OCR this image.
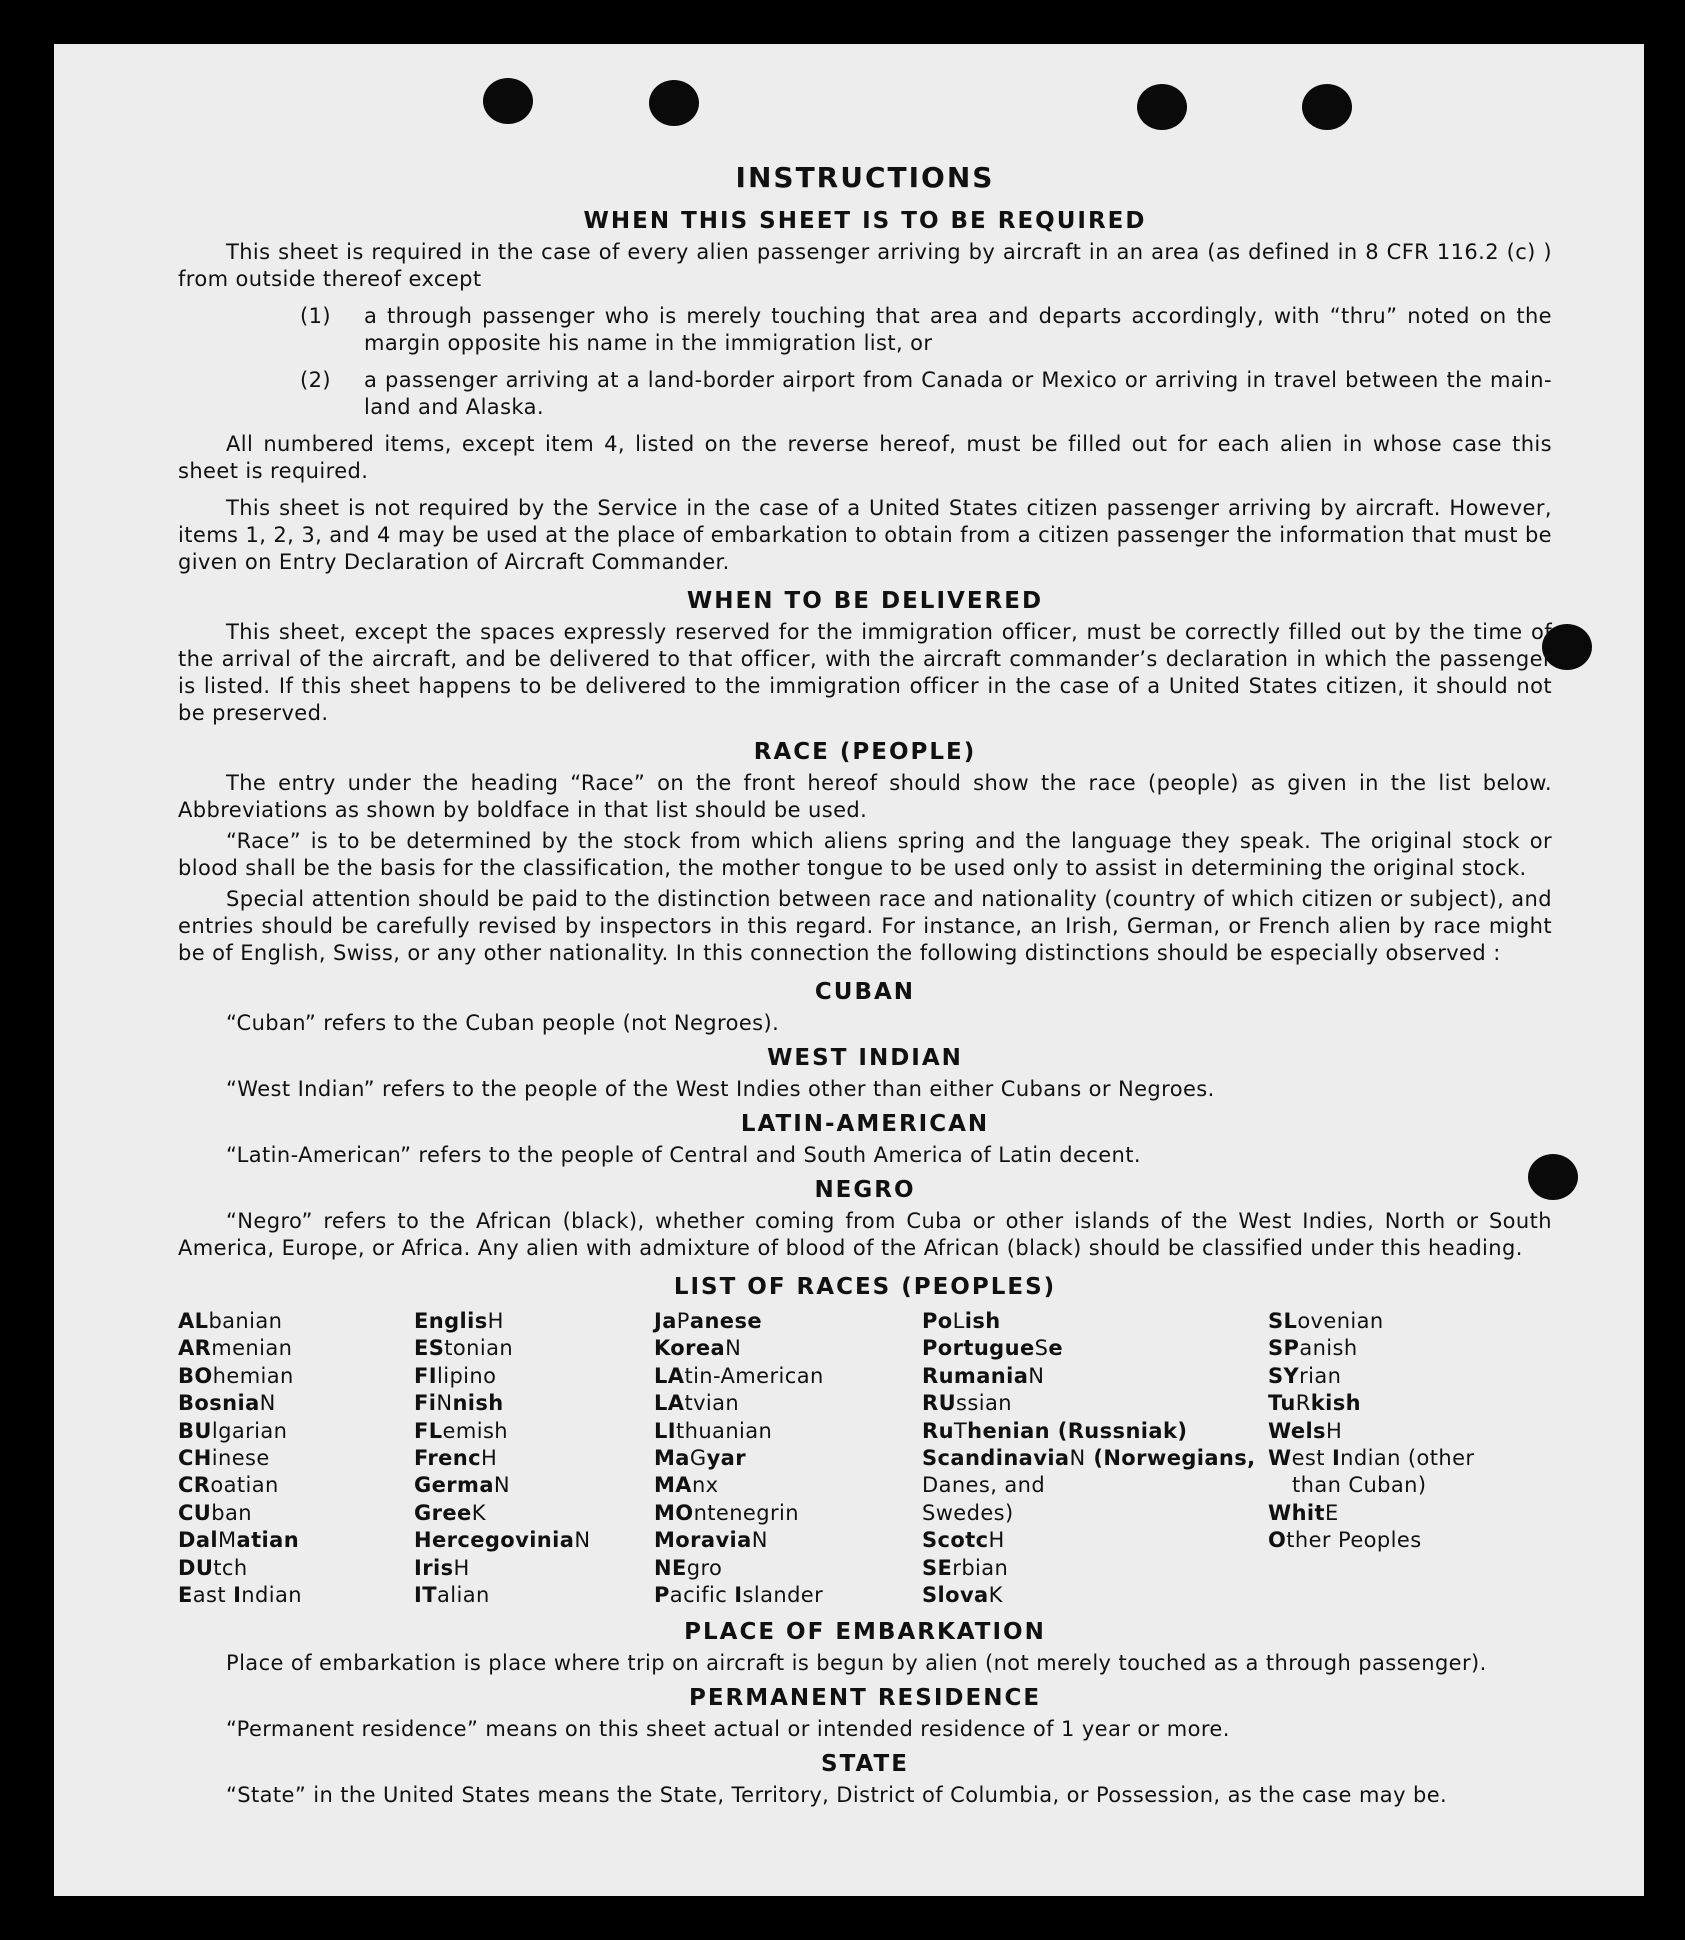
INSTRUCTIONS
WHEN THIS SHEET IS TO BE REQUIRED
This sheet is required in the case of every alien passenger arriving by aircraft in an area (as defined in 8 CFR 116.2 (c) ) from outside thereof except
(1)	a through passenger who is merely touching that area and departs accordingly, with “thru” noted on the margin opposite his name in the immigration list, or
(2)	a passenger arriving at a land-border airport from Canada or Mexico or arriving in travel between the main-land and Alaska.
All numbered items, except item 4, listed on the reverse hereof, must be filled out for each alien in whose case this sheet is required.
This sheet is not required by the Service in the case of a United States citizen passenger arriving by aircraft. However, items 1, 2, 3, and 4 may be used at the place of embarkation to obtain from a citizen passenger the information that must be given on Entry Declaration of Aircraft Commander.
WHEN TO BE DELIVERED
This sheet, except the spaces expressly reserved for the immigration officer, must be correctly filled out by the time of the arrival of the aircraft, and be delivered to that officer, with the aircraft commander’s declaration in which the passenger is listed. If this sheet happens to be delivered to the immigration officer in the case of a United States citizen, it should not be preserved.
RACE (PEOPLE)
The entry under the heading “Race” on the front hereof should show the race (people) as given in the list below. Abbreviations as shown by boldface in that list should be used.
“Race” is to be determined by the stock from which aliens spring and the language they speak. The original stock or blood shall be the basis for the classification, the mother tongue to be used only to assist in determining the original stock.
Special attention should be paid to the distinction between race and nationality (country of which citizen or subject), and entries should be carefully revised by inspectors in this regard. For instance, an Irish, German, or French alien by race might be of English, Swiss, or any other nationality. In this connection the following distinctions should be especially observed :
CUBAN
“Cuban” refers to the Cuban people (not Negroes).
WEST INDIAN
“West Indian” refers to the people of the West Indies other than either Cubans or Negroes.
LATIN-AMERICAN
“Latin-American” refers to the people of Central and South America of Latin decent.
NEGRO
“Negro” refers to the African (black), whether coming from Cuba or other islands of the West Indies, North or South America, Europe, or Africa. Any alien with admixture of blood of the African (black) should be classified under this heading.
LIST OF RACES (PEOPLES)
ALbanian
ARmenian
BOhemian
BosniaN
BUlgarian
CHinese
CRoatian
CUban
DalMatian
DUtch
East Indian
EnglisH
EStonian
FIlipino
FiNnish
FLemish
FrencH
GermaN
GreeK
HercegoviniaN
IrisH
ITalian
JaPanese
KoreaN
LAtin-American
LAtvian
LIthuanian
MaGyar
MAnx
MOntenegrin
MoraviaN
NEgro
Pacific Islander
PoLish
PortugueSe
RumaniaN
RUssian
RuThenian (Russniak)
ScandinaviaN (Norwegians,
Danes, and
Swedes)
ScotcH
SErbian
SlovaK
SLovenian
SPanish
SYrian
TuRkish
WelsH
West Indian (other
than Cuban)
WhitE
Other Peoples
PLACE OF EMBARKATION
Place of embarkation is place where trip on aircraft is begun by alien (not merely touched as a through passenger).
PERMANENT RESIDENCE
“Permanent residence” means on this sheet actual or intended residence of 1 year or more.
STATE
“State” in the United States means the State, Territory, District of Columbia, or Possession, as the case may be.
